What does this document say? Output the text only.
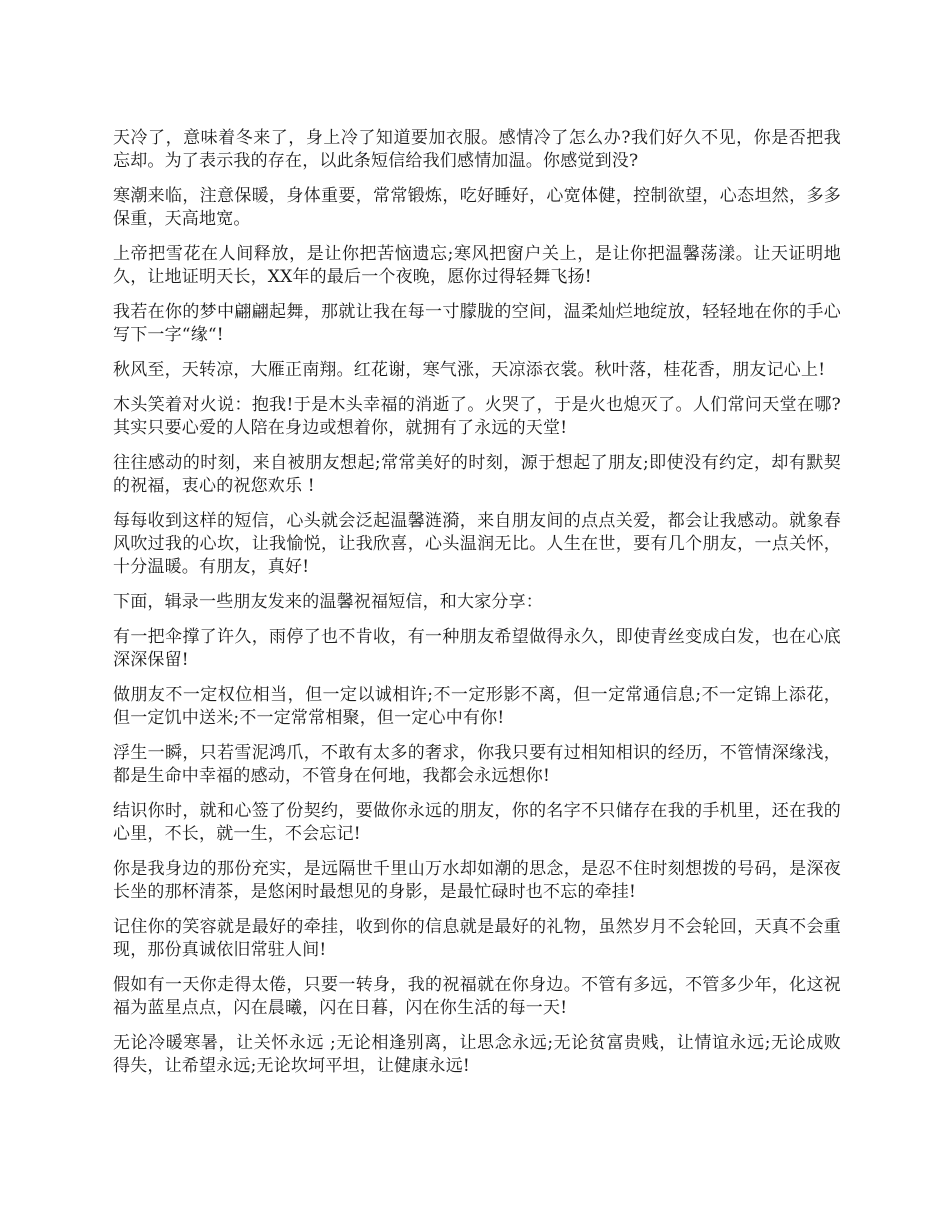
天冷了，意味着冬来了，身上冷了知道要加衣服。感情冷了怎么办?我们好久不见，你是否把我忘却。为了表示我的存在，以此条短信给我们感情加温。你感觉到没?

寒潮来临，注意保暖，身体重要，常常锻炼，吃好睡好，心宽体健，控制欲望，心态坦然，多多保重，天高地宽。

上帝把雪花在人间释放，是让你把苦恼遗忘;寒风把窗户关上，是让你把温馨荡漾。让天证明地久，让地证明天长，XX年的最后一个夜晚，愿你过得轻舞飞扬!

我若在你的梦中翩翩起舞，那就让我在每一寸朦胧的空间，温柔灿烂地绽放，轻轻地在你的手心写下一字“缘“!

秋风至，天转凉，大雁正南翔。红花谢，寒气涨，天凉添衣裳。秋叶落，桂花香，朋友记心上!

木头笑着对火说：抱我!于是木头幸福的消逝了。火哭了，于是火也熄灭了。人们常问天堂在哪?其实只要心爱的人陪在身边或想着你，就拥有了永远的天堂!

往往感动的时刻，来自被朋友想起;常常美好的时刻，源于想起了朋友;即使没有约定，却有默契的祝福，衷心的祝您欢乐 !

每每收到这样的短信，心头就会泛起温馨涟漪，来自朋友间的点点关爱，都会让我感动。就象春风吹过我的心坎，让我愉悦，让我欣喜，心头温润无比。人生在世，要有几个朋友，一点关怀，十分温暖。有朋友，真好!

下面，辑录一些朋友发来的温馨祝福短信，和大家分享：

有一把伞撑了许久，雨停了也不肯收，有一种朋友希望做得永久，即使青丝变成白发，也在心底深深保留!

做朋友不一定权位相当，但一定以诚相许;不一定形影不离，但一定常通信息;不一定锦上添花，但一定饥中送米;不一定常常相聚，但一定心中有你!

浮生一瞬，只若雪泥鸿爪，不敢有太多的奢求，你我只要有过相知相识的经历，不管情深缘浅，都是生命中幸福的感动，不管身在何地，我都会永远想你!

结识你时，就和心签了份契约，要做你永远的朋友，你的名字不只储存在我的手机里，还在我的心里，不长，就一生，不会忘记!

你是我身边的那份充实，是远隔世千里山万水却如潮的思念，是忍不住时刻想拨的号码，是深夜长坐的那杯清茶，是悠闲时最想见的身影，是最忙碌时也不忘的牵挂!

记住你的笑容就是最好的牵挂，收到你的信息就是最好的礼物，虽然岁月不会轮回，天真不会重现，那份真诚依旧常驻人间!

假如有一天你走得太倦，只要一转身，我的祝福就在你身边。不管有多远，不管多少年，化这祝福为蓝星点点，闪在晨曦，闪在日暮，闪在你生活的每一天!

无论冷暖寒暑，让关怀永远 ;无论相逢别离，让思念永远;无论贫富贵贱，让情谊永远;无论成败得失，让希望永远;无论坎坷平坦，让健康永远!
